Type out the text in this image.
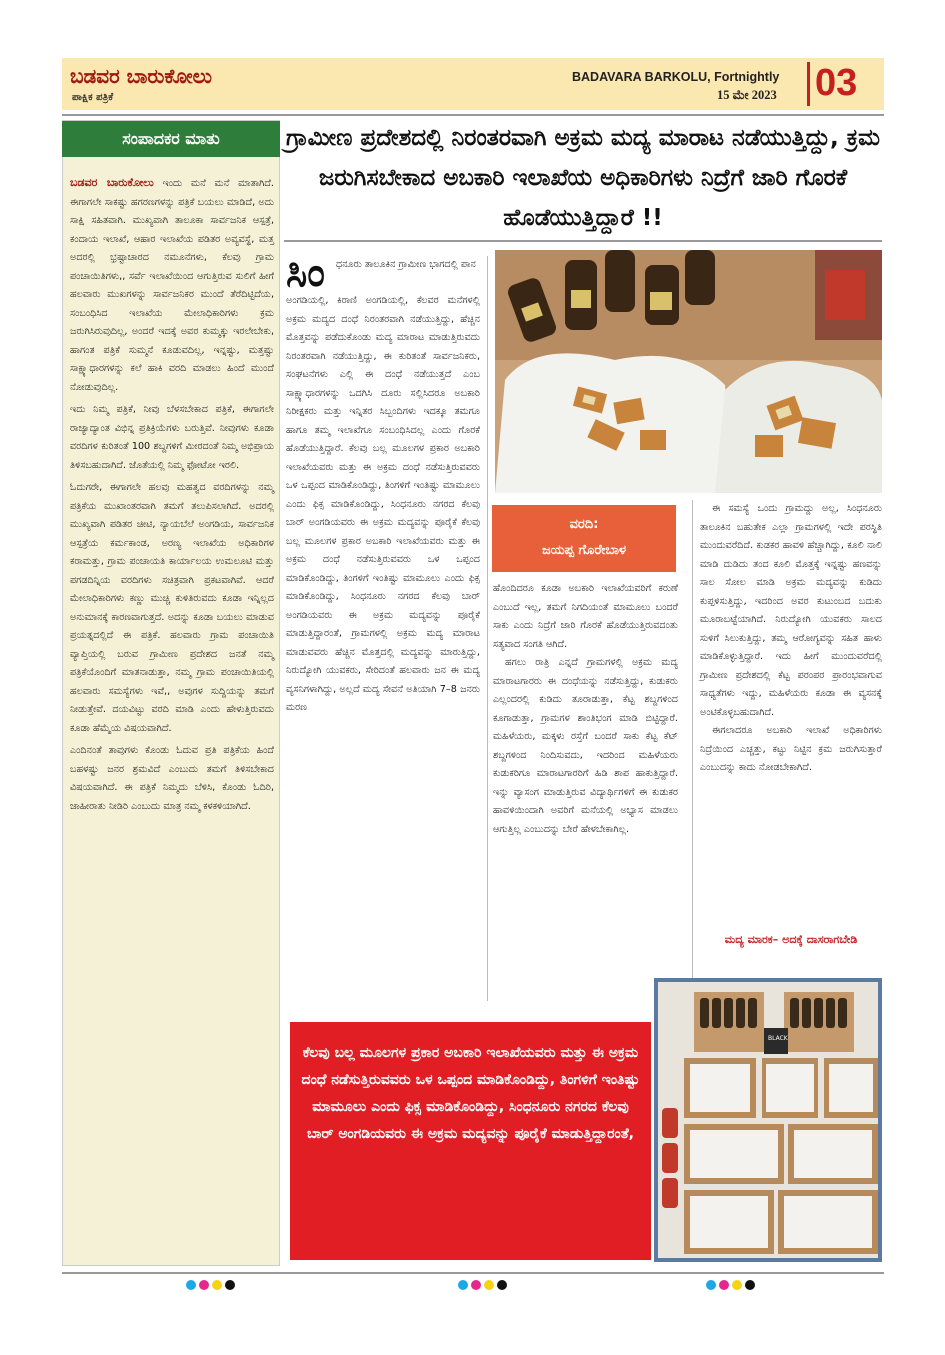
ಬಡವರ ಬಾರುಕೋಲು
ಪಾಕ್ಷಿಕ ಪತ್ರಿಕೆ
BADAVARA BARKOLU, Fortnightly
15 ಮೇ 2023 03
ಸಂಪಾದಕರ ಮಾತು

ಬಡವರ ಬಾರುಕೋಲು ಇಂದು ಮನೆ ಮನೆ ಮಾತಾಗಿದೆ. ಈಗಾಗಲೇ ಸಾಕಷ್ಟು ಹಗರಣಗಳನ್ನು ಪತ್ರಿಕೆ ಬಯಲು ಮಾಡಿದೆ, ಅದು ಸಾಕ್ಷಿ ಸಹಿತವಾಗಿ. ಮುಖ್ಯವಾಗಿ ತಾಲೂಕಾ ಸಾರ್ವಜನಿಕ ಆಸ್ಪತ್ರೆ, ಕಂದಾಯ ಇಲಾಖೆ, ಆಹಾರ ಇಲಾಖೆಯ ಪಡಿತರ ಅವ್ಯವಸ್ಥೆ, ಮತ್ತ ಅದರಲ್ಲಿ ಭ್ರಷ್ಟಾಚಾರದ ನಮೂನೆಗಳು, ಕೆಲವು ಗ್ರಾಮ ಪಂಚಾಯಿತಿಗಳು,, ಸರ್ವೆ ಇಲಾಖೆಯಿಂದ ಆಗುತ್ತಿರುವ ಸುಲಿಗೆ ಹೀಗೆ ಹಲವಾರು ಮುಖಗಳನ್ನು ಸಾರ್ವಜನಿಕರ ಮುಂದೆ ತೆರೆದಿಟ್ಟಿದೆಯ, ಸಂಬಂಧಿಸಿದ ಇಲಾಖೆಯ ಮೇಲಾಧಿಕಾರಿಗಳು ಕ್ರಮ ಜರುಗಿಸಿರುವುದಿಲ್ಲ, ಅಂದರೆ ಇದಕ್ಕೆ ಅವರ ಕುಮ್ಮಕ್ಕು ಇರಲೇಬೇಕು, ಹಾಗಂತ ಪತ್ರಿಕೆ ಸುಮ್ಮನೆ ಕೂಡುವದಿಲ್ಲ, ಇನ್ನಷ್ಟು, ಮತ್ತಷ್ಟು ಸಾಕ್ಷ್ಯಾಧಾರಗಳನ್ನು ಕಲೆ ಹಾಕಿ ವರದಿ ಮಾಡಲು ಹಿಂದೆ ಮುಂದೆ ನೋಡುವುದಿಲ್ಲ.

ಇದು ನಿಮ್ಮ ಪತ್ರಿಕೆ, ನೀವು ಬೆಳಸಬೇಕಾದ ಪತ್ರಿಕೆ, ಈಗಾಗಲೇ ರಾಜ್ಯಾದ್ಯಾಂತ ವಿಭಿನ್ನ ಪ್ರತಿಕ್ರಿಯೆಗಳು ಬರುತ್ತಿವೆ. ನೀವುಗಳು ಕೂಡಾ ವರದಿಗಳ ಕುರಿತಂತೆ 100 ಶಬ್ದಗಳಿಗೆ ಮೀರದಂತೆ ನಿಮ್ಮ ಅಭಿಪ್ರಾಯ ತಿಳಿಸಬಹುದಾಗಿದೆ. ಜೊತೆಯಲ್ಲಿ ನಿಮ್ಮ ಫೋಟೋ ಇರಲಿ.

ಓದುಗರೇ, ಈಗಾಗಲೇ ಹಲವು ಮಹತ್ವದ ವರದಿಗಳನ್ನು ನಮ್ಮ ಪತ್ರಿಕೆಯ ಮುಖಾಂತರವಾಗಿ ತಮಗೆ ತಲುಪಿಸಲಾಗಿದೆ. ಅದರಲ್ಲಿ ಮುಖ್ಯವಾಗಿ ಪಡಿತರ ಚೀಟಿ, ನ್ಯಾಯಬೆಲೆ ಅಂಗಡಿಯ, ಸಾರ್ವಜನಿಕ ಆಸ್ಪತ್ರೆಯ ಕರ್ಮಕಾಂಡ, ಅರಣ್ಯ ಇಲಾಖೆಯ ಅಧಿಕಾರಿಗಳ ಕರಾಮತ್ತು, ಗ್ರಾಮ ಪಂಚಾಯತಿ ಕಾರ್ಯಾಲಯ ಉಮಲೂಟಿ ಮತ್ತು ಪಗಡದಿನ್ನಿಯ ವರದಿಗಳು ಸಚಿತ್ರವಾಗಿ ಪ್ರಕಟವಾಗಿವೆ. ಆದರೆ ಮೇಲಾಧಿಕಾರಿಗಳು ಕಣ್ಣು ಮುಚ್ಚಿ ಕುಳಿತಿರುವದು ಕೂಡಾ ಇನ್ನಿಲ್ಲದ ಅನುಮಾನಕ್ಕೆ ಕಾರಣವಾಗುತ್ತದೆ. ಅದನ್ನು ಕೂಡಾ ಬಯಲು ಮಾಡುವ ಪ್ರಯತ್ನದಲ್ಲಿದೆ ಈ ಪತ್ರಿಕೆ. ಹಲವಾರು ಗ್ರಾಮ ಪಂಚಾಯಿತಿ ವ್ಯಾಪ್ತಿಯಲ್ಲಿ ಬರುವ ಗ್ರಾಮೀಣ ಪ್ರದೇಶದ ಜನತೆ ನಮ್ಮ ಪತ್ರಿಕೆಯೊಂದಿಗೆ ಮಾತನಾಡುತ್ತಾ, ನಮ್ಮ ಗ್ರಾಮ ಪಂಚಾಯಿತಿಯಲ್ಲಿ ಹಲವಾರು ಸಮಸ್ಯೆಗಳು ಇವೆ,, ಅವುಗಳ ಸುದ್ದಿಯನ್ನು ತಮಗೆ ನೀಡುತ್ತೇವೆ. ದಯವಿಟ್ಟು ವರದಿ ಮಾಡಿ ಎಂದು ಹೇಳುತ್ತಿರುವದು ಕೂಡಾ ಹೆಮ್ಮೆಯ ವಿಷಯವಾಗಿದೆ.

ಎಂದಿನಂತೆ ತಾವುಗಳು ಕೊಂಡು ಓದುವ ಪ್ರತಿ ಪತ್ರಿಕೆಯ ಹಿಂದೆ ಬಹಳಷ್ಟು ಜನರ ಶ್ರಮವಿದೆ ಎಂಬುದು ತಮಗೆ ತಿಳಿಸಬೇಕಾದ ವಿಷಯವಾಗಿದೆ. ಈ ಪತ್ರಿಕೆ ನಿಮ್ಮದು ಬೆಳಿಸಿ, ಕೊಂಡು ಓದಿರಿ, ಜಾಹೀರಾತು ನೀಡಿರಿ ಎಂಬುದು ಮಾತ್ರ ನಮ್ಮ ಕಳಕಳಿಯಾಗಿದೆ.

ಗ್ರಾಮೀಣ ಪ್ರದೇಶದಲ್ಲಿ ನಿರಂತರವಾಗಿ ಅಕ್ರಮ ಮದ್ಯ ಮಾರಾಟ ನಡೆಯುತ್ತಿದ್ದು, ಕ್ರಮ ಜರುಗಿಸಬೇಕಾದ ಅಬಕಾರಿ ಇಲಾಖೆಯ ಅಧಿಕಾರಿಗಳು ನಿದ್ರೆಗೆ ಜಾರಿ ಗೊರಕೆ ಹೊಡೆಯುತ್ತಿದ್ದಾರೆ !!
ಸಿಂ ಧನೂರು ತಾಲೂಕಿನ ಗ್ರಾಮೀಣ ಭಾಗದಲ್ಲಿ ಪಾನ
ಅಂಗಡಿಯಲ್ಲಿ, ಕಿರಾಣಿ ಅಂಗಡಿಯಲ್ಲಿ, ಕೆಲವರ ಮನೆಗಳಲ್ಲಿ ಅಕ್ರಮ ಮದ್ಯದ ದಂಧೆ ನಿರಂತರವಾಗಿ ನಡೆಯುತ್ತಿದ್ದು, ಹೆಚ್ಚಿನ ಮೊತ್ತವನ್ನು ಪಡೆದುಕೊಂಡು ಮದ್ಯ ಮಾರಾಟ ಮಾಡುತ್ತಿರುವದು ನಿರಂತರವಾಗಿ ನಡೆಯುತ್ತಿದ್ದು, ಈ ಕುರಿತಂತೆ ಸಾರ್ವಜನಿಕರು, ಸಂಘಟನೆಗಳು ಎಲ್ಲಿ ಈ ದಂಧೆ ನಡೆಯುತ್ತದೆ ಎಂಬ ಸಾಕ್ಷ್ಯಾಧಾರಗಳನ್ನು ಒದಗಿಸಿ ದೂರು ಸಲ್ಲಿಸಿದರೂ ಅಬಕಾರಿ ನಿರೀಕ್ಷಕರು ಮತ್ತು ಇನ್ನಿತರ ಸಿಬ್ಬಂದಿಗಳು ಇದಕ್ಕೂ ತಮಗೂ ಹಾಗೂ ತಮ್ಮ ಇಲಾಖೆಗೂ ಸಂಬಂಧಿಸಿದಲ್ಲ ಎಂದು ಗೊರಕೆ ಹೊಡೆಯುತ್ತಿದ್ದಾರೆ. ಕೆಲವು ಬಲ್ಲ ಮೂಲಗಳ ಪ್ರಕಾರ ಅಬಕಾರಿ ಇಲಾಖೆಯವರು ಮತ್ತು ಈ ಅಕ್ರಮ ದಂಧೆ ನಡೆಸುತ್ತಿರುವವರು ಒಳ ಒಪ್ಪಂದ ಮಾಡಿಕೊಂಡಿದ್ದು, ತಿಂಗಳಿಗೆ ಇಂತಿಷ್ಟು ಮಾಮೂಲು ಎಂದು ಫಿಕ್ಸ ಮಾಡಿಕೊಂಡಿದ್ದು, ಸಿಂಧನೂರು ನಗರದ ಕೆಲವು ಬಾರ್ ಅಂಗಡಿಯವರು ಈ ಅಕ್ರಮ ಮದ್ಯವನ್ನು ಪೂರೈಕೆ ಕೆಲವು ಬಲ್ಲ ಮೂಲಗಳ ಪ್ರಕಾರ ಅಬಕಾರಿ ಇಲಾಖೆಯವರು ಮತ್ತು ಈ ಅಕ್ರಮ ದಂಧೆ ನಡೆಸುತ್ತಿರುವವರು ಒಳ ಒಪ್ಪಂದ ಮಾಡಿಕೊಂಡಿದ್ದು, ತಿಂಗಳಿಗೆ ಇಂತಿಷ್ಟು ಮಾಮೂಲು ಎಂದು ಫಿಕ್ಸ ಮಾಡಿಕೊಂಡಿದ್ದು, ಸಿಂಧನೂರು ನಗರದ ಕೆಲವು ಬಾರ್ ಅಂಗಡಿಯವರು ಈ ಅಕ್ರಮ ಮದ್ಯವನ್ನು ಪೂರೈಕೆ ಮಾಡುತ್ತಿದ್ದಾರಂತೆ, ಗ್ರಾಮಗಳಲ್ಲಿ ಅಕ್ರಮ ಮದ್ಯ ಮಾರಾಟ ಮಾಡುವವರು ಹೆಚ್ಚಿನ ಮೊತ್ತದಲ್ಲಿ ಮದ್ಯವನ್ನು ಮಾರುತ್ತಿದ್ದು, ನಿರುದ್ಯೋಗಿ ಯುವಕರು, ಸೇರಿದಂತೆ ಹಲವಾರು ಜನ ಈ ಮದ್ಯ ವ್ಯಸನಿಗಳಾಗಿದ್ದು, ಅಲ್ಲದೆ ಮದ್ಯ ಸೇವನೆ ಅತಿಯಾಗಿ 7–8 ಜನರು ಮರಣ
ವರದಿ:
ಜಯಪ್ಪ ಗೊರೇಬಾಳ
ಹೊಂದಿದರೂ ಕೂಡಾ ಅಬಕಾರಿ ಇಲಾಖೆಯವರಿಗೆ ಕರುಣೆ ಎಂಬುದೆ ಇಲ್ಲ, ತಮಗೆ ನಿಗದಿಯಂತೆ ಮಾಮೂಲು ಬಂದರೆ ಸಾಕು ಎಂದು ನಿದ್ರೆಗೆ ಜಾರಿ ಗೊರಕೆ ಹೊಡೆಯುತ್ತಿರುವದಂತು ಸತ್ಯವಾದ ಸಂಗತಿ ಆಗಿದೆ.
ಹಗಲು ರಾತ್ರಿ ಎನ್ನದೆ ಗ್ರಾಮಗಳಲ್ಲಿ ಅಕ್ರಮ ಮದ್ಯ ಮಾರಾಟಗಾರರು ಈ ದಂಧೆಯನ್ನು ನಡೆಸುತ್ತಿದ್ದು, ಕುಡುಕರು ಎಲ್ಲಂದರಲ್ಲಿ ಕುಡಿದು ತೂರಾಡುತ್ತಾ, ಕೆಟ್ಟ ಶಬ್ದಗಳಿಂದ ಕೂಗಾಡುತ್ತಾ, ಗ್ರಾಮಗಳ ಶಾಂತಿಭಂಗ ಮಾಡಿ ಬಿಟ್ಟಿದ್ದಾರೆ. ಮಹಿಳೆಯರು, ಮಕ್ಕಳು ರಸ್ತೆಗೆ ಬಂದರೆ ಸಾಕು ಕೆಟ್ಟ ಕೆಟ್ ಶಬ್ದಗಳಿಂದ ನಿಂದಿಸುವದು, ಇದರಿಂದ ಮಹಿಳೆಯರು ಕುಡುಕರಿಗೂ ಮಾರಾಟಗಾರರಿಗೆ ಹಿಡಿ ಶಾಪ ಹಾಕುತ್ತಿದ್ದಾರೆ. ಇನ್ನು ವ್ಯಾಸಂಗ ಮಾಡುತ್ತಿರುವ ವಿದ್ಯಾರ್ಥಿಗಳಿಗೆ ಈ ಕುಡುಕರ ಹಾವಳಿಯಿಂದಾಗಿ ಅವರಿಗೆ ಮನೆಯಲ್ಲಿ ಅಭ್ಯಾಸ ಮಾಡಲು ಆಗುತ್ತಿಲ್ಲ ಎಂಬುದನ್ನು ಬೇರೆ ಹೇಳಬೇಕಾಗಿಲ್ಲ.
ಈ ಸಮಸ್ಯೆ ಒಂದು ಗ್ರಾಮದ್ದು ಅಲ್ಲ, ಸಿಂಧನೂರು ತಾಲೂಕಿನ ಬಹುತೇಕ ಎಲ್ಲಾ ಗ್ರಾಮಗಳಲ್ಲಿ ಇದೇ ಪರಸ್ಥಿತಿ ಮುಂದುವರೆದಿದೆ. ಕುಡಕರ ಹಾವಳಿ ಹೆಚ್ಚಾಗಿದ್ದು, ಕೂಲಿ ನಾಲಿ ಮಾಡಿ ದುಡಿದು ತಂದ ಕೂಲಿ ಮೊತ್ತಕ್ಕೆ ಇನ್ನಷ್ಟು ಹಣವನ್ನು ಸಾಲ ಸೋಲ ಮಾಡಿ ಅಕ್ರಮ ಮದ್ಯವನ್ನು ಕುಡಿದು ಕುಪ್ಪಳಿಸುತ್ತಿದ್ದು, ಇದರಿಂದ ಅವರ ಕುಟುಂಬದ ಬದುಕು ಮೂರಾಬಟ್ಟೆಯಾಗಿದೆ. ನಿರುದ್ಯೋಗಿ ಯುವಕರು ಸಾಲದ ಸುಳಿಗೆ ಸಿಲುಕುತ್ತಿದ್ದು, ತಮ್ಮ ಆರೋಗ್ಯವನ್ನು ಸಹಿತ ಹಾಳು ಮಾಡಿಕೊಳ್ಳುತ್ತಿದ್ದಾರೆ. ಇದು ಹೀಗೆ ಮುಂದುವರೆದಲ್ಲಿ ಗ್ರಾಮೀಣ ಪ್ರದೇಶದಲ್ಲಿ ಕೆಟ್ಟ ಪರಂಪರ ಪ್ರಾರಂಭವಾಗುವ ಸಾಧ್ಯತೆಗಳು ಇದ್ದು, ಮಹಿಳೆಯರು ಕೂಡಾ ಈ ವ್ಯಸನಕ್ಕೆ ಅಂಟಿಕೊಳ್ಳಬಹುದಾಗಿದೆ.
ಈಗಲಾದರೂ ಅಬಕಾರಿ ಇಲಾಖೆ ಅಧಿಕಾರಿಗಳು ನಿದ್ರೆಯಿಂದ ಎಚ್ಚತ್ತು, ಕಟ್ಟು ನಿಟ್ಟಿನ ಕ್ರಮ ಜರುಗಿಸುತ್ತಾರೆ ಎಂಬುದನ್ನು ಕಾದು ನೋಡಬೇಕಾಗಿದೆ.
ಮದ್ಯ ಮಾರಕ– ಅದಕ್ಕೆ ದಾಸರಾಗಬೇಡಿ
ಕೆಲವು ಬಲ್ಲ ಮೂಲಗಳ ಪ್ರಕಾರ ಅಬಕಾರಿ ಇಲಾಖೆಯವರು ಮತ್ತು ಈ ಅಕ್ರಮ ದಂಧೆ ನಡೆಸುತ್ತಿರುವವರು ಒಳ ಒಪ್ಪಂದ ಮಾಡಿಕೊಂಡಿದ್ದು, ತಿಂಗಳಿಗೆ ಇಂತಿಷ್ಟು ಮಾಮೂಲು ಎಂದು ಫಿಕ್ಸ ಮಾಡಿಕೊಂಡಿದ್ದು, ಸಿಂಧನೂರು ನಗರದ ಕೆಲವು ಬಾರ್ ಅಂಗಡಿಯವರು ಈ ಅಕ್ರಮ ಮದ್ಯವನ್ನು ಪೂರೈಕೆ ಮಾಡುತ್ತಿದ್ದಾರಂತೆ,
BLACK
